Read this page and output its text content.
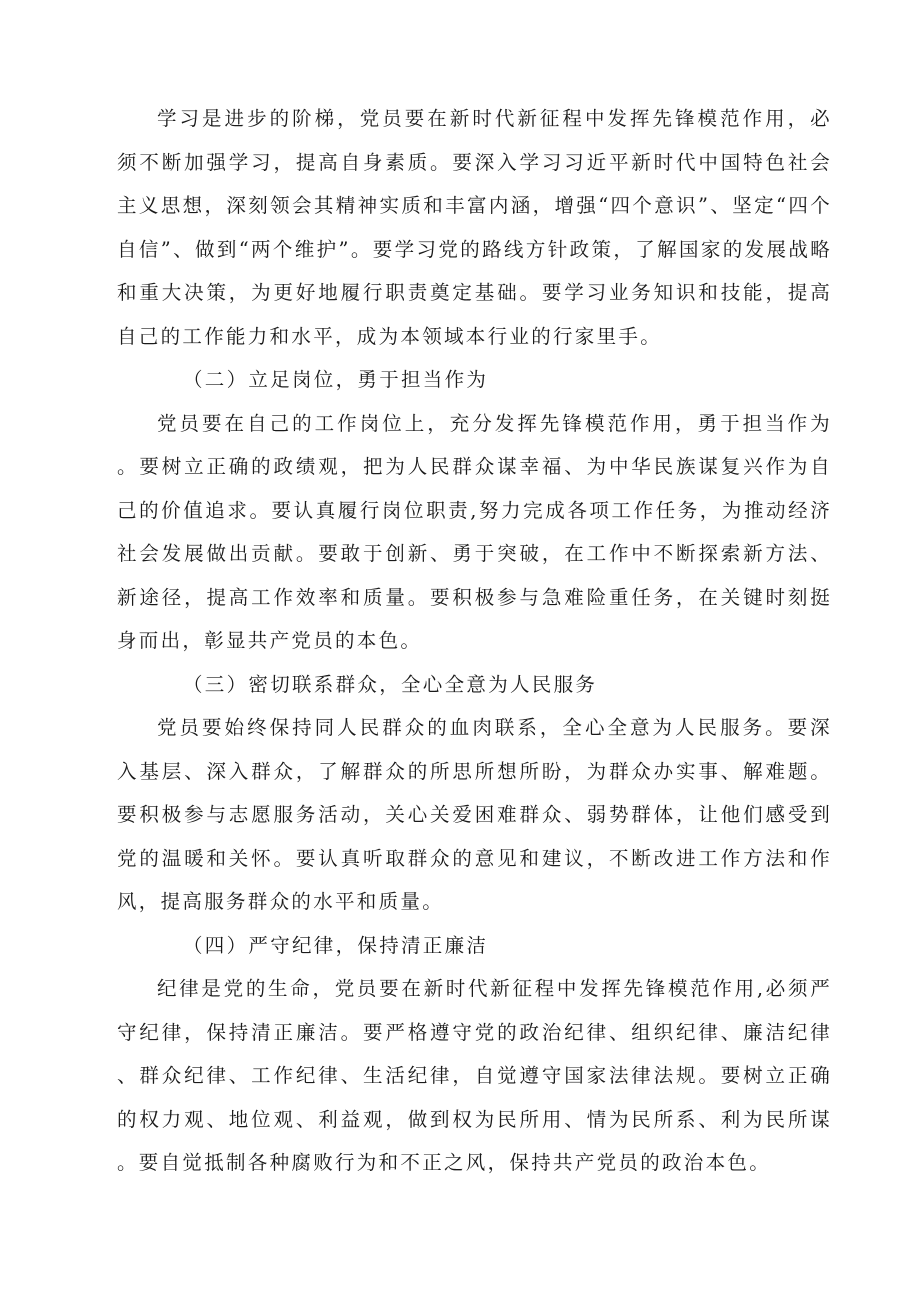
学习是进步的阶梯，党员要在新时代新征程中发挥先锋模范作用，必须不断加强学习，提高自身素质。要深入学习习近平新时代中国特色社会主义思想，深刻领会其精神实质和丰富内涵，增强“四个意识”、坚定“四个自信”、做到“两个维护”。要学习党的路线方针政策，了解国家的发展战略和重大决策，为更好地履行职责奠定基础。要学习业务知识和技能，提高自己的工作能力和水平，成为本领域本行业的行家里手。

（二）立足岗位，勇于担当作为

党员要在自己的工作岗位上，充分发挥先锋模范作用，勇于担当作为。要树立正确的政绩观，把为人民群众谋幸福、为中华民族谋复兴作为自己的价值追求。要认真履行岗位职责,努力完成各项工作任务，为推动经济社会发展做出贡献。要敢于创新、勇于突破，在工作中不断探索新方法、新途径，提高工作效率和质量。要积极参与急难险重任务，在关键时刻挺身而出，彰显共产党员的本色。

（三）密切联系群众，全心全意为人民服务

党员要始终保持同人民群众的血肉联系，全心全意为人民服务。要深入基层、深入群众，了解群众的所思所想所盼，为群众办实事、解难题。要积极参与志愿服务活动，关心关爱困难群众、弱势群体，让他们感受到党的温暖和关怀。要认真听取群众的意见和建议，不断改进工作方法和作风，提高服务群众的水平和质量。

（四）严守纪律，保持清正廉洁

纪律是党的生命，党员要在新时代新征程中发挥先锋模范作用,必须严守纪律，保持清正廉洁。要严格遵守党的政治纪律、组织纪律、廉洁纪律、群众纪律、工作纪律、生活纪律，自觉遵守国家法律法规。要树立正确的权力观、地位观、利益观，做到权为民所用、情为民所系、利为民所谋。要自觉抵制各种腐败行为和不正之风，保持共产党员的政治本色。
